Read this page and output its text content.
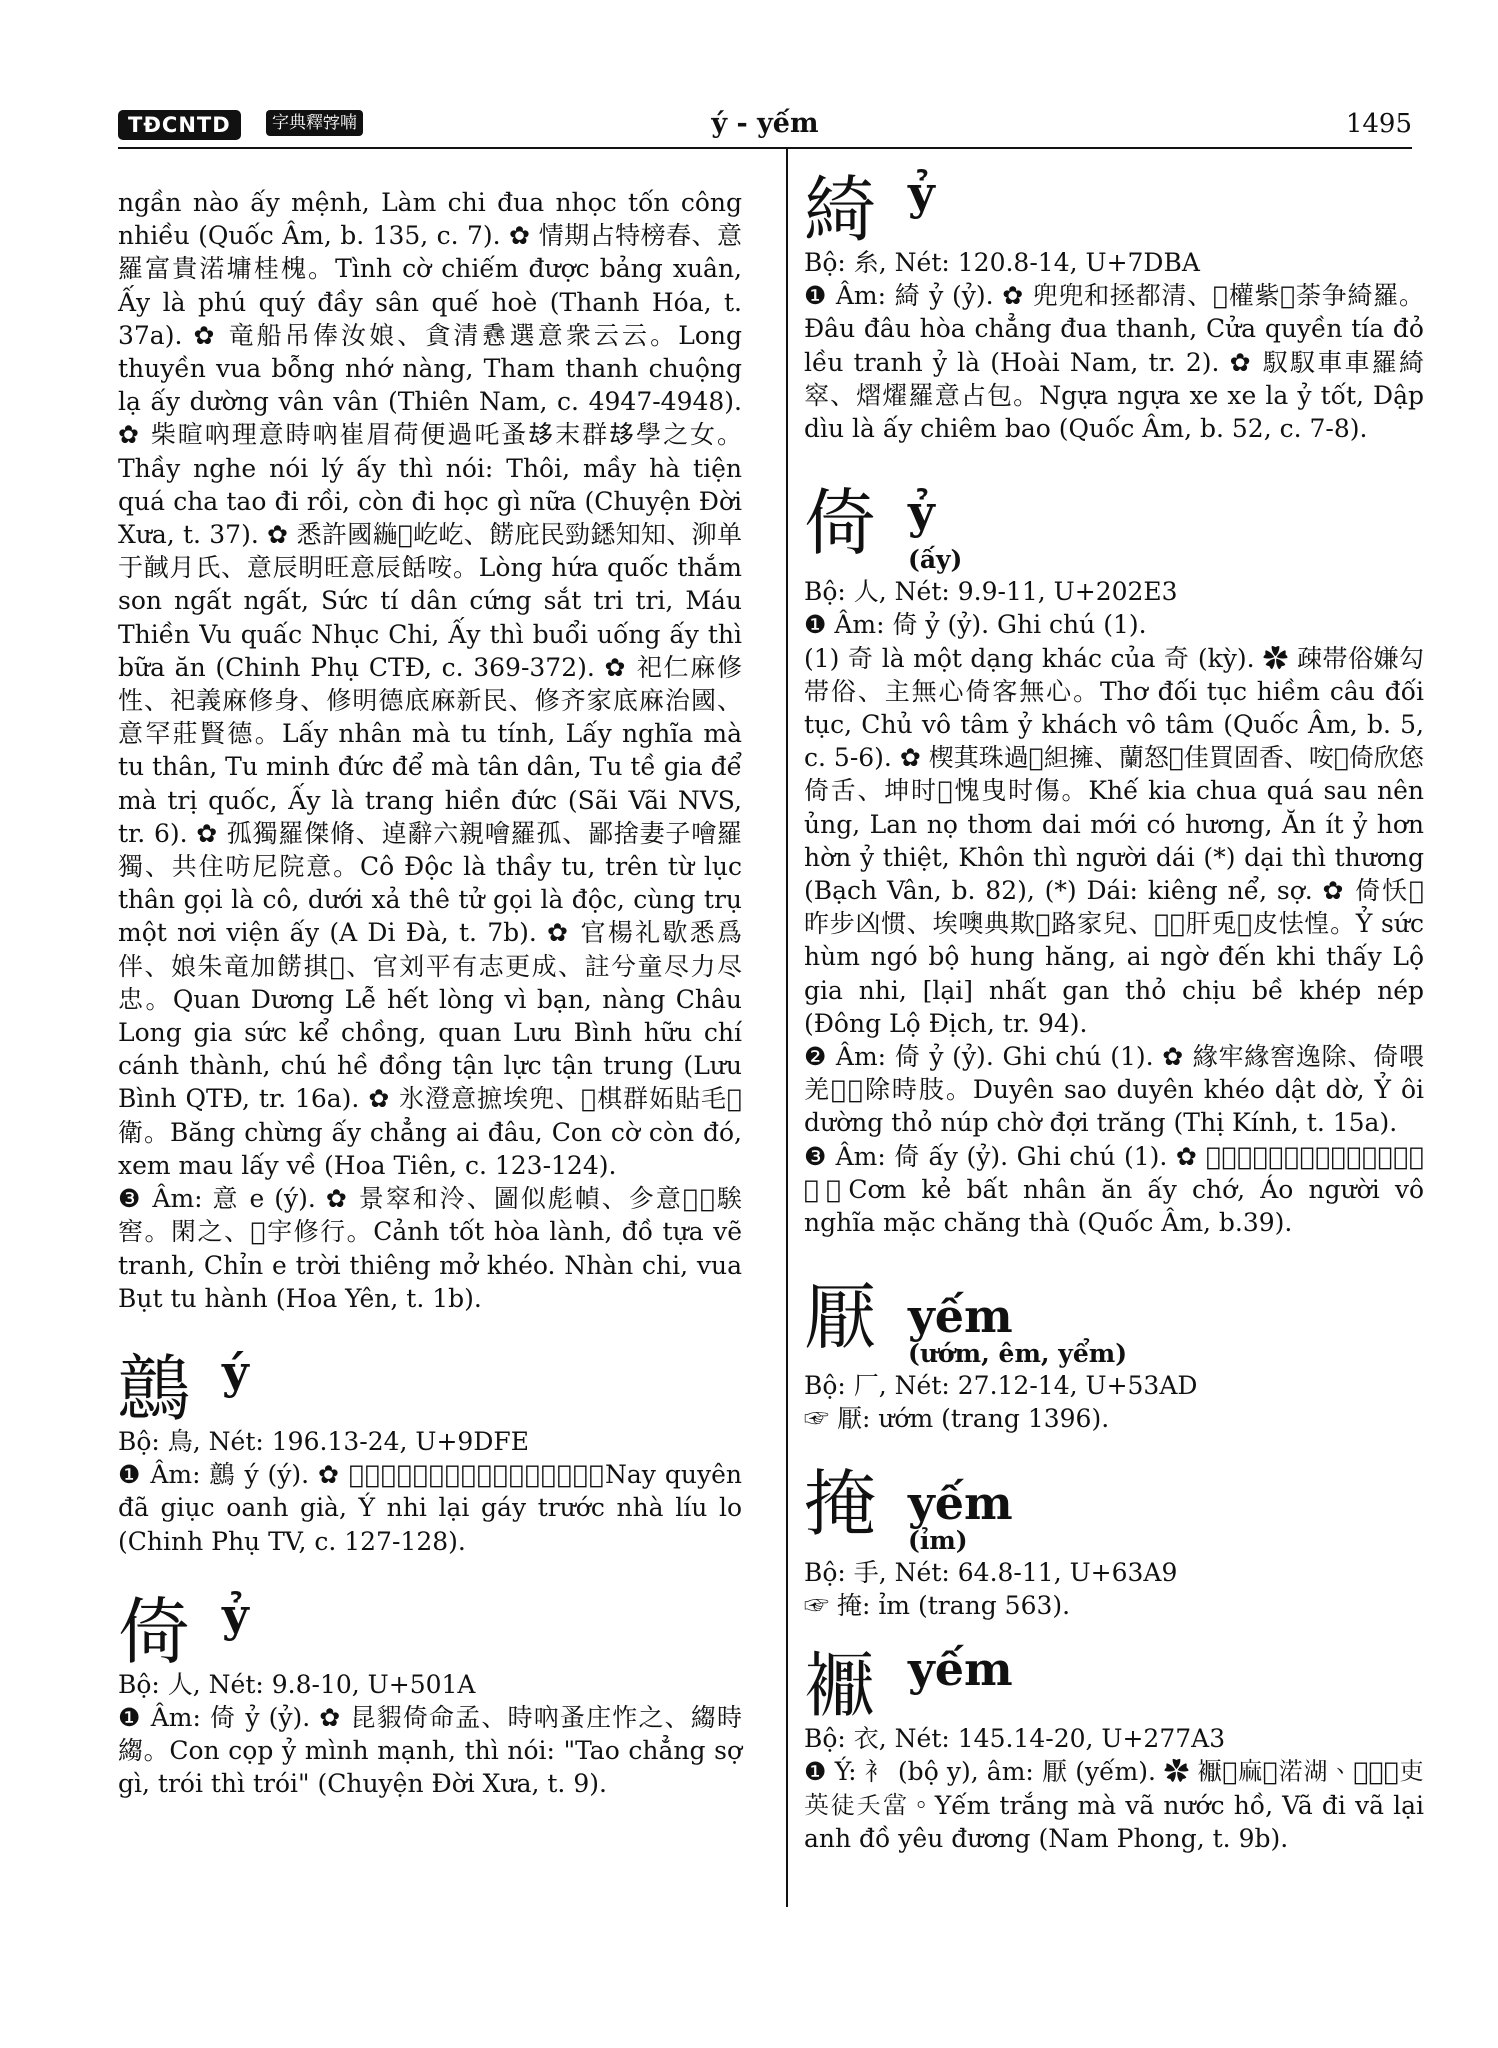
TĐCNTD	字典釋𡨸喃	ý - yếm	1495

ngần nào ấy mệnh, Làm chi đua nhọc tốn công nhiều (Quốc Âm, b. 135, c. 7). ✿ 情期占特榜春、意羅富貴渃墉桂槐。Tình cờ chiếm được bảng xuân, Ấy là phú quý đầy sân quế hoè (Thanh Hóa, t. 37a). ✿ 竜船吊俸汝娘、貪清㦌選意衆云云。Long thuyền vua bỗng nhớ nàng, Tham thanh chuộng lạ ấy dường vân vân (Thiên Nam, c. 4947-4948). ✿ 柴暄吶理意時吶崔眉荷便過吒蚤𠫾末群𠫾學之女。Thầy nghe nói lý ấy thì nói: Thôi, mầy hà tiện quá cha tao đi rồi, còn đi học gì nữa (Chuyện Đời Xưa, t. 37). ✿ 悉許國𦂛𩃳屹屹、餝庇民勁鏭知知、泖单于馘月氏、意辰眀旺意辰餂咹。Lòng hứa quốc thắm son ngất ngất, Sức tí dân cứng sắt tri tri, Máu Thiền Vu quấc Nhục Chi, Ấy thì buổi uống ấy thì bữa ăn (Chinh Phụ CTĐ, c. 369-372). ✿ 祀仁麻修性、祀義麻修身、修明德底麻新民、修齐家底麻治國、意罕莊賢德。Lấy nhân mà tu tính, Lấy nghĩa mà tu thân, Tu minh đức để mà tân dân, Tu tề gia để mà trị quốc, Ấy là trang hiền đức (Sãi Vãi NVS, tr. 6). ✿ 孤獨羅傑脩、逴辭六親噲羅孤、鄙捨妻子噲羅獨、共住㕫尼院意。Cô Độc là thầy tu, trên từ lục thân gọi là cô, dưới xả thê tử gọi là độc, cùng trụ một nơi viện ấy (A Di Đà, t. 7b). ✿ 官楊礼歇悉爲伴、娘朱竜加餝掑𩃳、官刘平有志更成、註兮童尽力尽忠。Quan Dương Lễ hết lòng vì bạn, nàng Châu Long gia sức kể chồng, quan Lưu Bình hữu chí cánh thành, chú hề đồng tận lực tận trung (Lưu Bình QTĐ, tr. 16a). ✿ 氷澄意摭埃兜、𪽫棋群妬貼毛𧡊衛。Băng chừng ấy chẳng ai đâu, Con cờ còn đó, xem mau lấy về (Hoa Tiên, c. 123-124).

❸ Âm: 意 e (ý). ✿ 景窣和泠、圖似彪幀、㐱意𣦍𣳔騃窖。閑之、𥯉宇修行。Cảnh tốt hòa lành, đồ tựa vẽ tranh, Chỉn e trời thiêng mở khéo. Nhàn chi, vua Bụt tu hành (Hoa Yên, t. 1b).

鷾 ý

Bộ: 鳥, Nét: 196.13-24, U+9DFE

❶ Âm: 鷾 ý (ý). ✿ 𠅜鵬𢰊𠰘鶯𦼔、鷾鴯吏嘅𠼯茄吖呩。Nay quyên đã giục oanh già, Ý nhi lại gáy trước nhà líu lo (Chinh Phụ TV, c. 127-128).

倚 ỷ

Bộ: 人, Nét: 9.8-10, U+501A

❶ Âm: 倚 ỷ (ỷ). ✿ 昆貑倚命孟、時吶蚤庄怍之、縐時縐。Con cọp ỷ mình mạnh, thì nói: "Tao chẳng sợ gì, trói thì trói" (Chuyện Đời Xưa, t. 9).

綺 ỷ

Bộ: 糸, Nét: 120.8-14, U+7DBA

❶ Âm: 綺 ỷ (ỷ). ✿ 兜兜和拯都清、𧹼權紫𤊧荼争綺羅。Đâu đâu hòa chẳng đua thanh, Cửa quyền tía đỏ lều tranh ỷ là (Hoài Nam, tr. 2). ✿ 馭馭車車羅綺窣、熠燿羅意占包。Ngựa ngựa xe xe la ỷ tốt, Dập dìu là ấy chiêm bao (Quốc Âm, b. 52, c. 7-8).

倚 ỷ
(ấy)

Bộ: 人, Nét: 9.9-11, U+202E3

❶ Âm: 倚 ỷ (ỷ). Ghi chú (1).

(1) 奇 là một dạng khác của 奇 (kỳ). ✿ 疎帯俗嫌勾帯俗、主無心倚客無心。Thơ đối tục hiềm câu đối tục, Chủ vô tâm ỷ khách vô tâm (Quốc Âm, b. 5, c. 5-6). ✿ 楔萁珠過𨇜䋎擁、蘭怒𣦍佳買固香、咹𠃣倚欣㥋倚舌、坤时𢦊愧曳时傷。Khế kia chua quá sau nên ủng, Lan nọ thơm dai mới có hương, Ăn ít ỷ hơn hờn ỷ thiệt, Khôn thì người dái (*) dại thì thương (Bạch Vân, b. 82), (*) Dái: kiêng nể, sợ. ✿ 倚㤇𩵜昨步凶惯、埃噢典欺𠸛路家兒、𡄎𢢆肝兎𧿨皮怯惶。Ỷ sức hùm ngó bộ hung hăng, ai ngờ đến khi thấy Lộ gia nhi, [lại] nhất gan thỏ chịu bề khép nép (Đông Lộ Địch, tr. 94).

❷ Âm: 倚 ỷ (ỷ). Ghi chú (1). ✿ 緣牢緣窖逸除、倚喂羌𤠄𥄭除時肢。Duyên sao duyên khéo dật dờ, Ỷ ôi dường thỏ núp chờ đợi trăng (Thị Kính, t. 15a).

❸ Âm: 倚 ấy (ỷ). Ghi chú (1). ✿ 𩛷几不仁咹倚渚、襖得無義𧞾庄𢬣。Cơm kẻ bất nhân ăn ấy chớ, Áo người vô nghĩa mặc chăng thà (Quốc Âm, b.39).

厭 yếm
(ướm, êm, yểm)

Bộ: 厂, Nét: 27.12-14, U+53AD

☞ 厭: ướm (trang 1396).

掩 yếm
(ỉm)

Bộ: 手, Nét: 64.8-11, U+63A9

☞ 掩: ỉm (trang 563).

𧞣 yếm

Bộ: 衣, Nét: 145.14-20, U+277A3

❶ Ý: 衤 (bộ y), âm: 厭 (yếm). ✿ 𧞣𤽗麻𨉟渃湖、𨉟𠫾𨉟吏英徒夭當。Yếm trắng mà vã nước hồ, Vã đi vã lại anh đồ yêu đương (Nam Phong, t. 9b).
